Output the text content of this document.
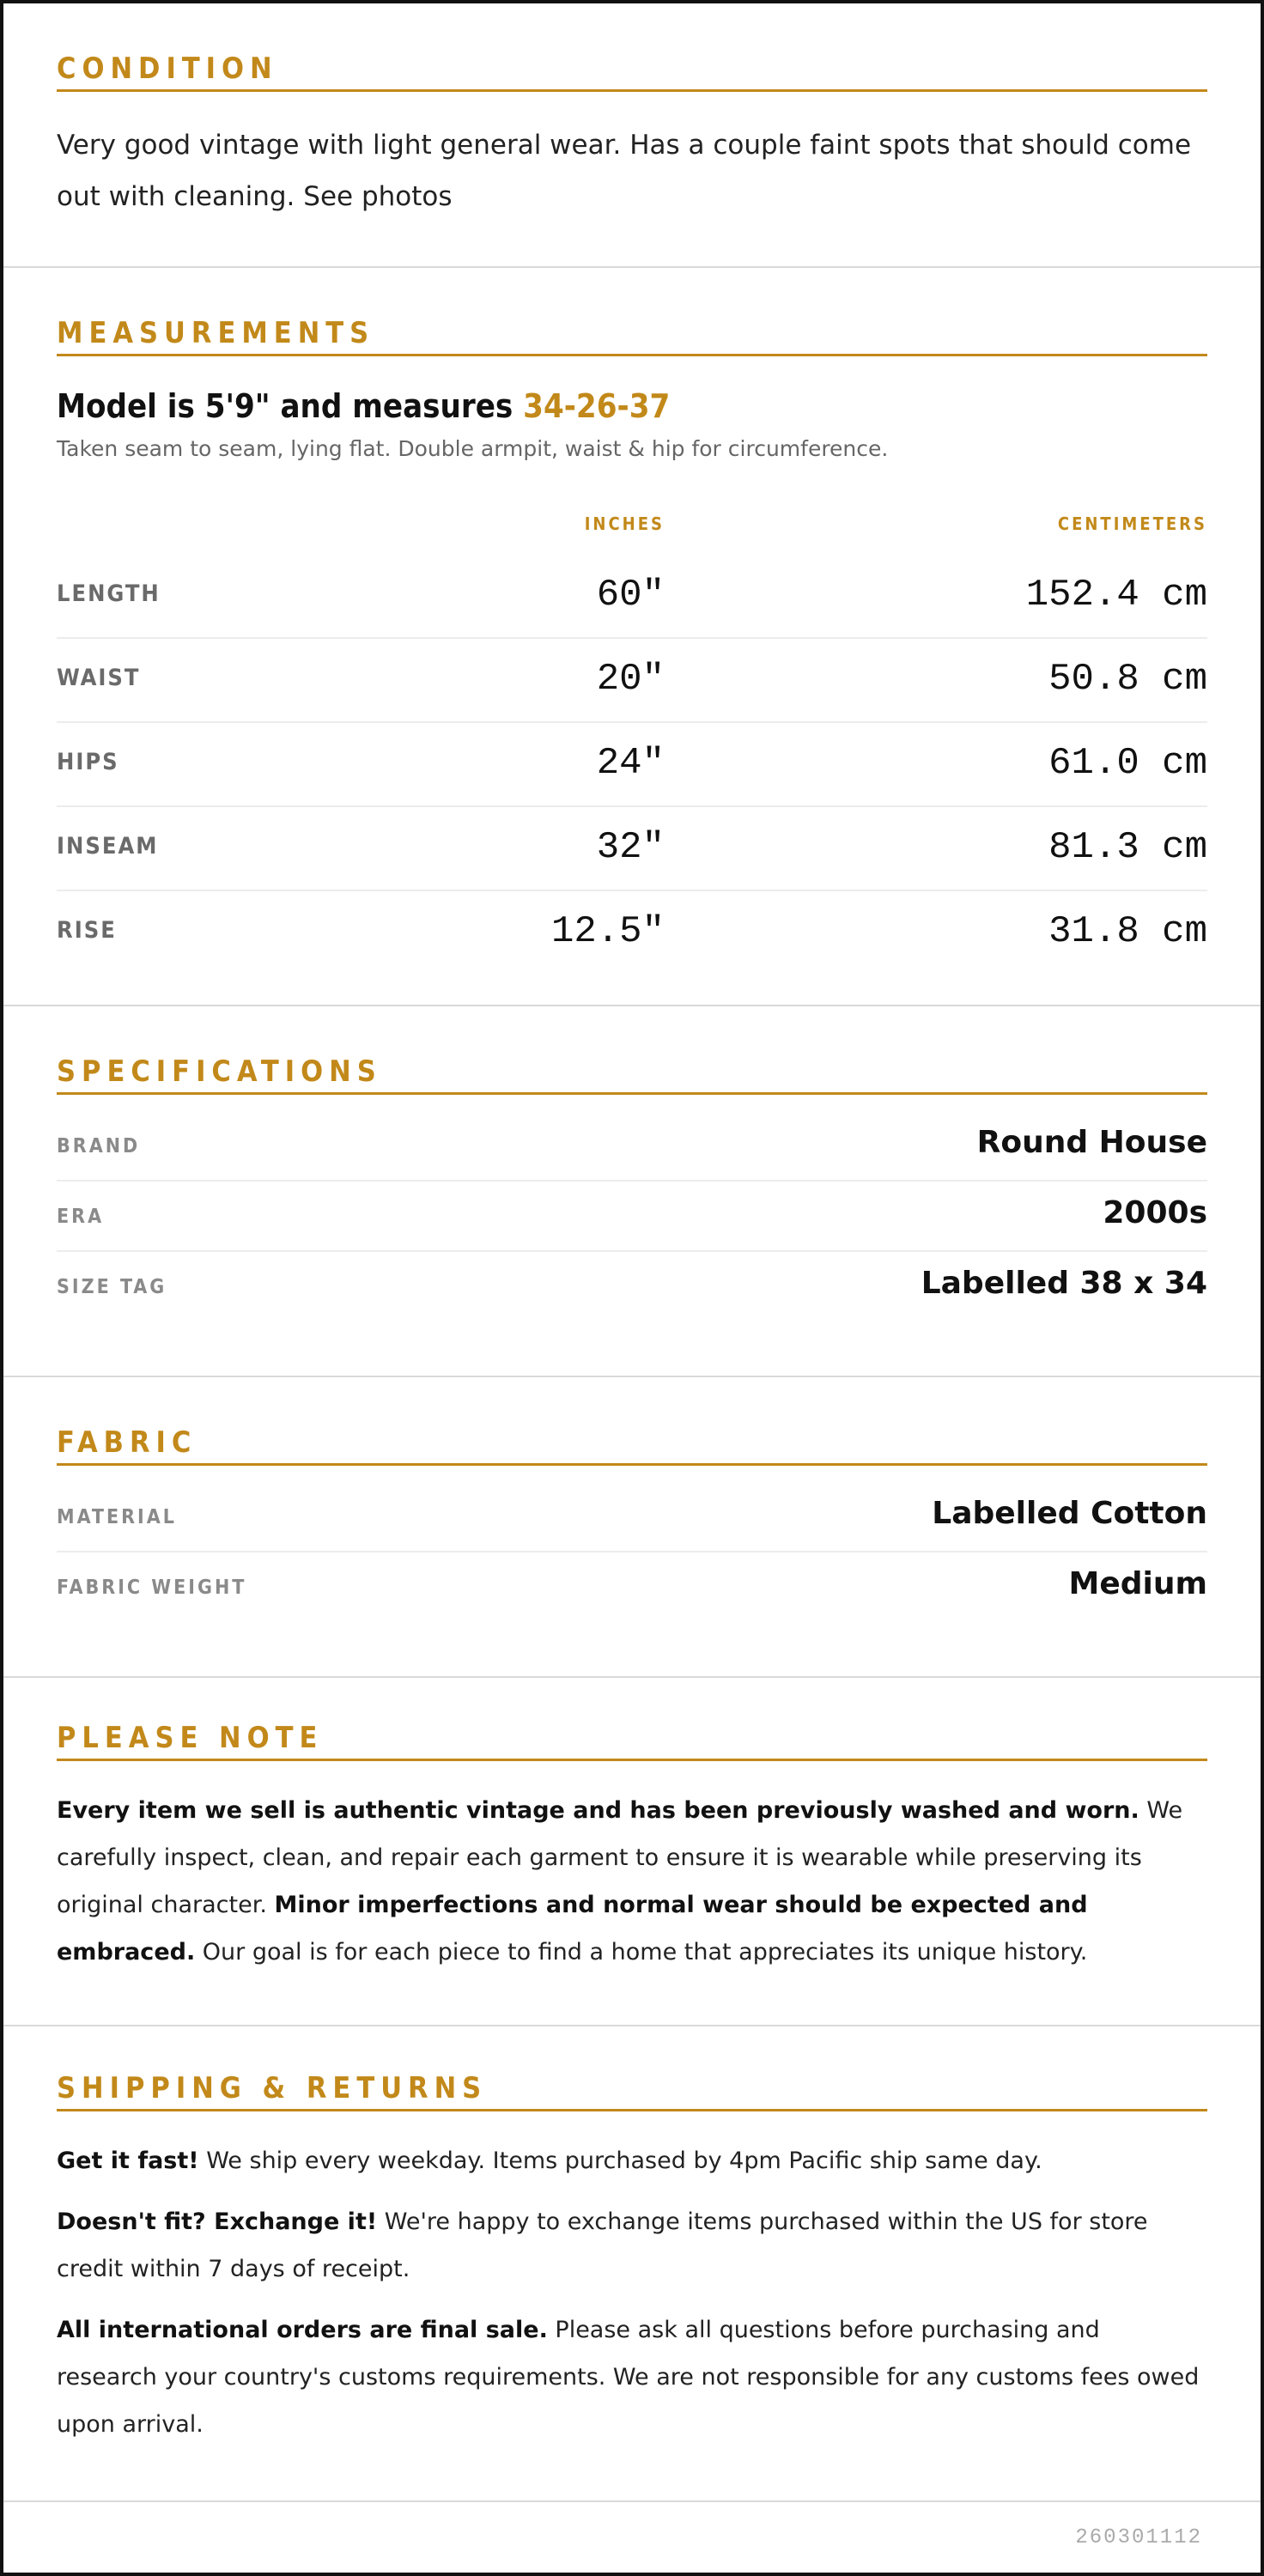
CONDITION
Very good vintage with light general wear. Has a couple faint spots that should come out with cleaning. See photos
MEASUREMENTS
Model is 5'9" and measures 34-26-37
Taken seam to seam, lying flat. Double armpit, waist & hip for circumference.
INCHES	CENTIMETERS
LENGTH	60"	152.4 cm
WAIST	20"	50.8 cm
HIPS	24"	61.0 cm
INSEAM	32"	81.3 cm
RISE	12.5"	31.8 cm
SPECIFICATIONS
BRAND	Round House
ERA	2000s
SIZE TAG	Labelled 38 x 34
FABRIC
MATERIAL	Labelled Cotton
FABRIC WEIGHT	Medium
PLEASE NOTE

Every item we sell is authentic vintage and has been previously washed and worn. We carefully inspect, clean, and repair each garment to ensure it is wearable while preserving its original character. Minor imperfections and normal wear should be expected and embraced. Our goal is for each piece to find a home that appreciates its unique history.

SHIPPING & RETURNS

Get it fast! We ship every weekday. Items purchased by 4pm Pacific ship same day.

Doesn't fit? Exchange it! We're happy to exchange items purchased within the US for store credit within 7 days of receipt.

All international orders are final sale. Please ask all questions before purchasing and research your country's customs requirements. We are not responsible for any customs fees owed upon arrival.

260301112
